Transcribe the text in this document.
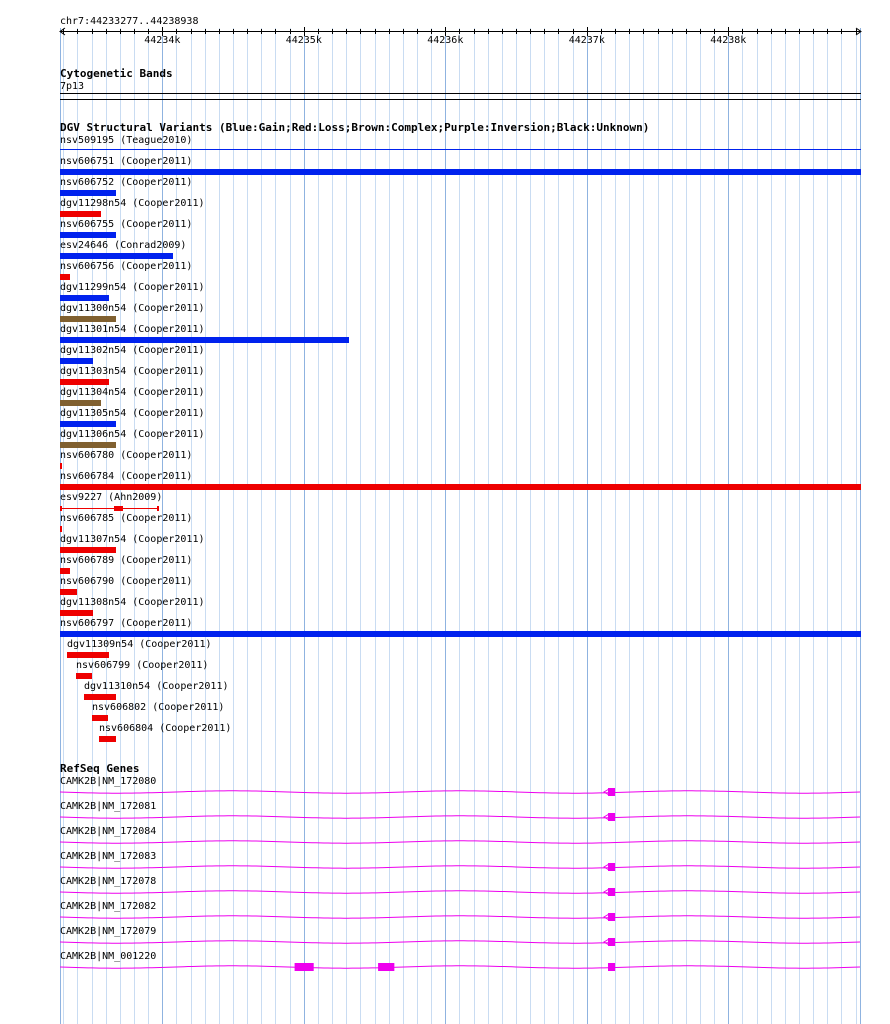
chr7:44233277..44238938
44234k	44235k	44236k	44237k	44238k
Cytogenetic Bands
7p13
DGV Structural Variants (Blue:Gain;Red:Loss;Brown:Complex;Purple:Inversion;Black:Unknown)
nsv509195 (Teague2010)
nsv606751 (Cooper2011)
nsv606752 (Cooper2011)
dgv11298n54 (Cooper2011)
nsv606755 (Cooper2011)
esv24646 (Conrad2009)
nsv606756 (Cooper2011)
dgv11299n54 (Cooper2011)
dgv11300n54 (Cooper2011)
dgv11301n54 (Cooper2011)
dgv11302n54 (Cooper2011)
dgv11303n54 (Cooper2011)
dgv11304n54 (Cooper2011)
dgv11305n54 (Cooper2011)
dgv11306n54 (Cooper2011)
nsv606780 (Cooper2011)
nsv606784 (Cooper2011)
esv9227 (Ahn2009)
nsv606785 (Cooper2011)
dgv11307n54 (Cooper2011)
nsv606789 (Cooper2011)
nsv606790 (Cooper2011)
dgv11308n54 (Cooper2011)
nsv606797 (Cooper2011)
dgv11309n54 (Cooper2011)
nsv606799 (Cooper2011)
dgv11310n54 (Cooper2011)
nsv606802 (Cooper2011)
nsv606804 (Cooper2011)
RefSeq Genes
CAMK2B|NM_172080
CAMK2B|NM_172081
CAMK2B|NM_172084
CAMK2B|NM_172083
CAMK2B|NM_172078
CAMK2B|NM_172082
CAMK2B|NM_172079
CAMK2B|NM_001220
